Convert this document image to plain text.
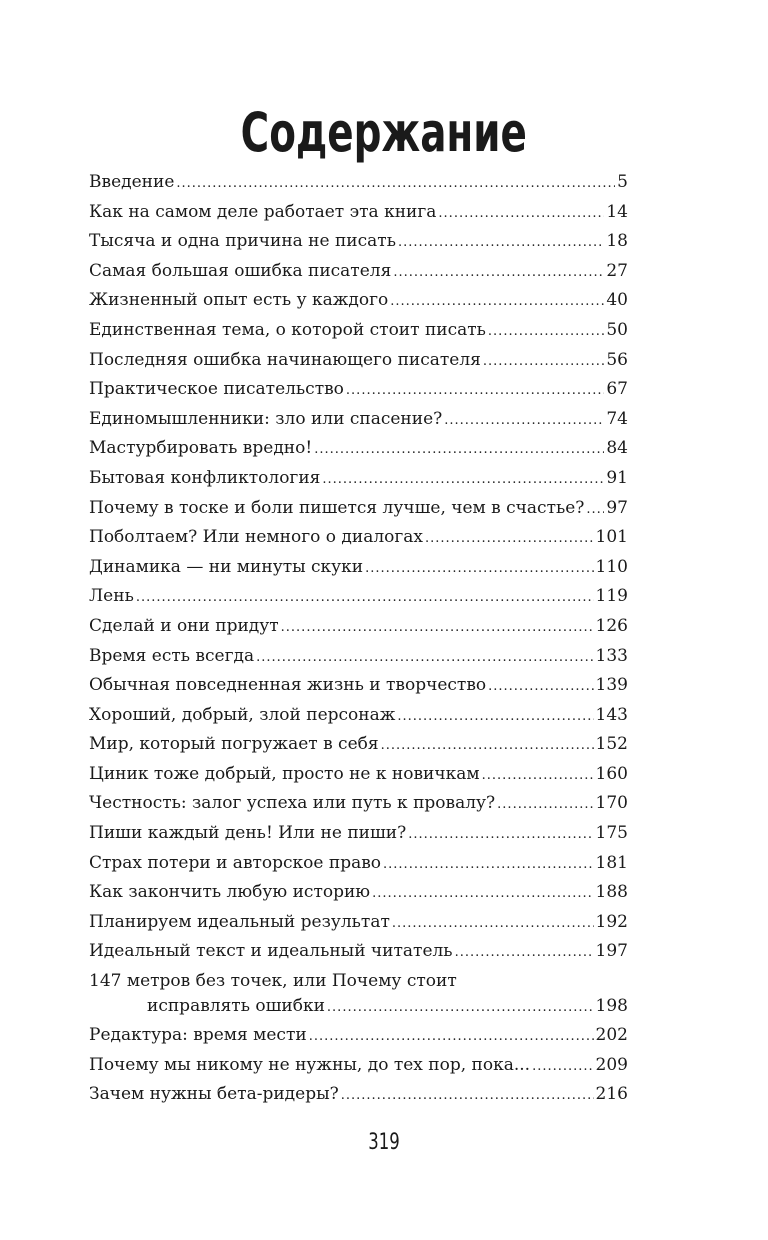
Содержание
Введение .....	5
Как на самом деле работает эта книга .....	14
Тысяча и одна причина не писать .....	18
Самая большая ошибка писателя .....	27
Жизненный опыт есть у каждого .....	40
Единственная тема, о которой стоит писать .....	50
Последняя ошибка начинающего писателя .....	56
Практическое писательство .....	67
Единомышленники: зло или спасение? .....	74
Мастурбировать вредно! .....	84
Бытовая конфликтология .....	91
Почему в тоске и боли пишется лучше, чем в счастье? ..... 97
Поболтаем? Или немного о диалогах .....	101
Динамика — ни минуты скуки .....	110
Лень .....	119
Сделай и они придут .....	126
Время есть всегда .....	133
Обычная повседненная жизнь и творчество .....	139
Хороший, добрый, злой персонаж .....	143
Мир, который погружает в себя .....	152
Циник тоже добрый, просто не к новичкам .....	160
Честность: залог успеха или путь к провалу? .....	170
Пиши каждый день! Или не пиши? .....	175
Страх потери и авторское право .....	181
Как закончить любую историю .....	188
Планируем идеальный результат .....	192
Идеальный текст и идеальный читатель .....	197
147 метров без точек, или Почему стоит
исправлять ошибки .....	198
Редактура: время мести .....	202
Почему мы никому не нужны, до тех пор, пока... .....	209
Зачем нужны бета-ридеры? .....	216
319
